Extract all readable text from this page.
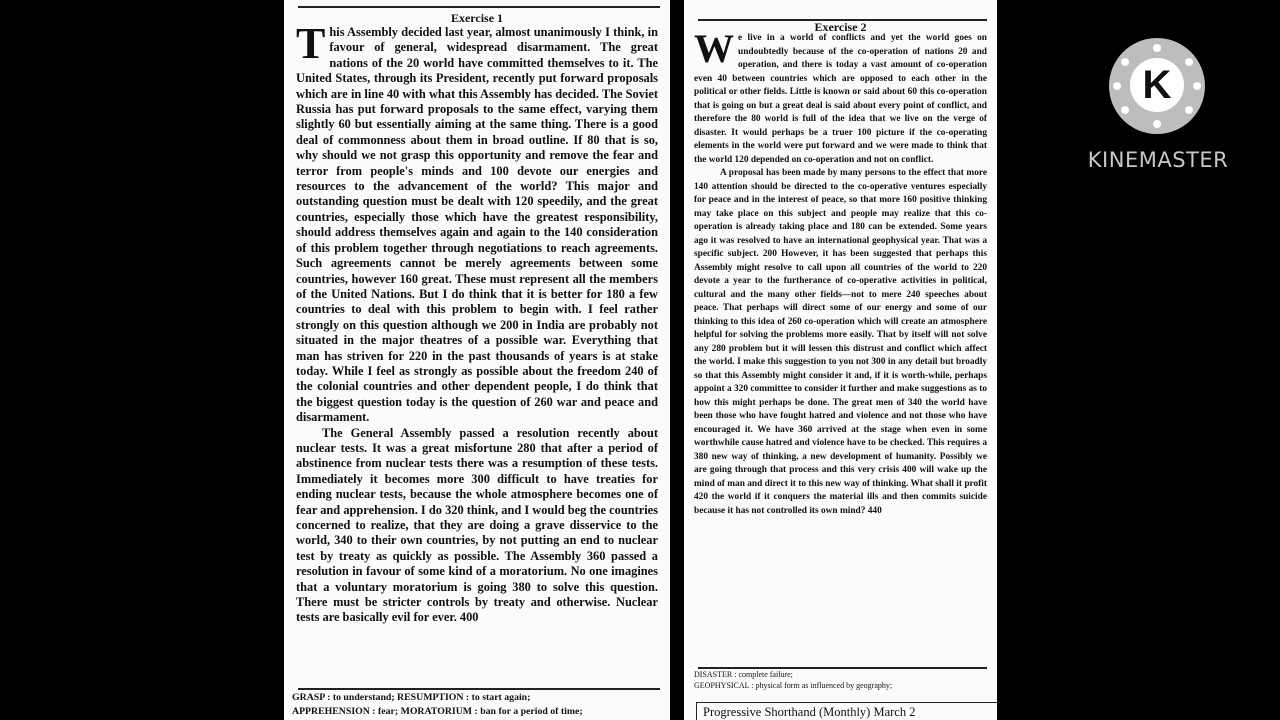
Exercise 1

This Assembly decided last year, almost unanimously I think, in favour of general, widespread disarmament. The great nations of the 20 world have committed themselves to it. The United States, through its President, recently put forward proposals which are in line 40 with what this Assembly has decided. The Soviet Russia has put forward proposals to the same effect, varying them slightly 60 but essentially aiming at the same thing. There is a good deal of commonness about them in broad outline. If 80 that is so, why should we not grasp this opportunity and remove the fear and terror from people's minds and 100 devote our energies and resources to the advancement of the world? This major and outstanding question must be dealt with 120 speedily, and the great countries, especially those which have the greatest responsibility, should address themselves again and again to the 140 consideration of this problem together through negotiations to reach agreements. Such agreements cannot be merely agreements between some countries, however 160 great. These must represent all the members of the United Nations. But I do think that it is better for 180 a few countries to deal with this problem to begin with. I feel rather strongly on this question although we 200 in India are probably not situated in the major theatres of a possible war. Everything that man has striven for 220 in the past thousands of years is at stake today. While I feel as strongly as possible about the freedom 240 of the colonial countries and other dependent people, I do think that the biggest question today is the question of 260 war and peace and disarmament.

The General Assembly passed a resolution recently about nuclear tests. It was a great misfortune 280 that after a period of abstinence from nuclear tests there was a resumption of these tests. Immediately it becomes more 300 difficult to have treaties for ending nuclear tests, because the whole atmosphere becomes one of fear and apprehension. I do 320 think, and I would beg the countries concerned to realize, that they are doing a grave disservice to the world, 340 to their own countries, by not putting an end to nuclear test by treaty as quickly as possible. The Assembly 360 passed a resolution in favour of some kind of a moratorium. No one imagines that a voluntary moratorium is going 380 to solve this question. There must be stricter controls by treaty and otherwise. Nuclear tests are basically evil for ever. 400

GRASP : to understand; RESUMPTION : to start again;
APPREHENSION : fear; MORATORIUM : ban for a period of time;
Exercise 2

We live in a world of conflicts and yet the world goes on undoubtedly because of the co-operation of nations 20 and operation, and there is today a vast amount of co-operation even 40 between countries which are opposed to each other in the political or other fields. Little is known or said about 60 this co-operation that is going on but a great deal is said about every point of conflict, and therefore the 80 world is full of the idea that we live on the verge of disaster. It would perhaps be a truer 100 picture if the co-operating elements in the world were put forward and we were made to think that the world 120 depended on co-operation and not on conflict.

A proposal has been made by many persons to the effect that more 140 attention should be directed to the co-operative ventures especially for peace and in the interest of peace, so that more 160 positive thinking may take place on this subject and people may realize that this co-operation is already taking place and 180 can be extended. Some years ago it was resolved to have an international geophysical year. That was a specific subject. 200 However, it has been suggested that perhaps this Assembly might resolve to call upon all countries of the world to 220 devote a year to the furtherance of co-operative activities in political, cultural and the many other fields—not to mere 240 speeches about peace. That perhaps will direct some of our energy and some of our thinking to this idea of 260 co-operation which will create an atmosphere helpful for solving the problems more easily. That by itself will not solve any 280 problem but it will lessen this distrust and conflict which affect the world. I make this suggestion to you not 300 in any detail but broadly so that this Assembly might consider it and, if it is worth-while, perhaps appoint a 320 committee to consider it further and make suggestions as to how this might perhaps be done. The great men of 340 the world have been those who have fought hatred and violence and not those who have encouraged it. We have 360 arrived at the stage when even in some worthwhile cause hatred and violence have to be checked. This requires a 380 new way of thinking, a new development of humanity. Possibly we are going through that process and this very crisis 400 will wake up the mind of man and direct it to this new way of thinking. What shall it profit 420 the world if it conquers the material ills and then commits suicide because it has not controlled its own mind? 440

DISASTER : complete failure;
GEOPHYSICAL : physical form as influenced by geography;
Progressive Shorthand (Monthly) March 2
K
KINEMASTER
